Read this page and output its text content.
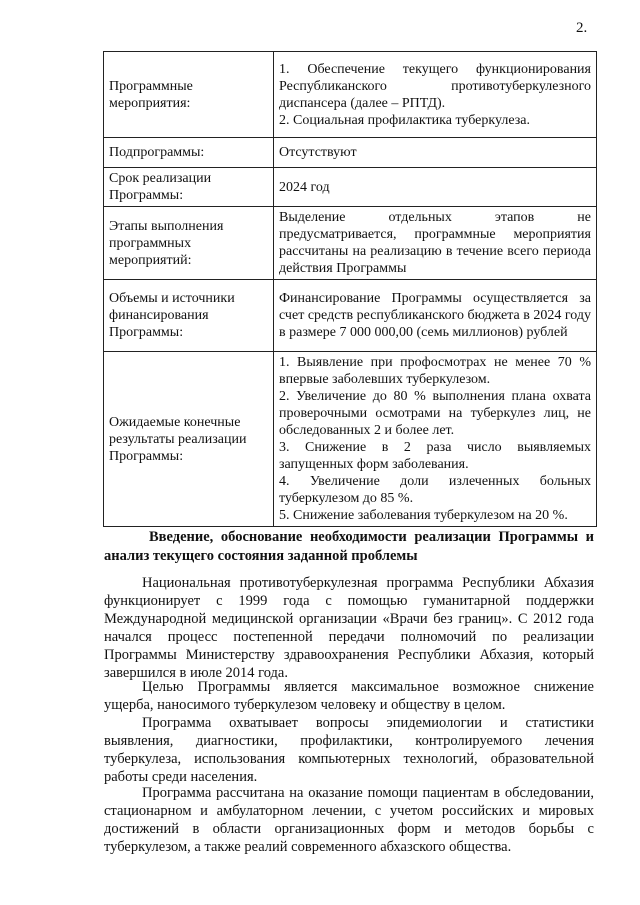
2.
Программные мероприятия:	1. Обеспечение текущего функционирования Республиканского противотуберкулезного диспансера (далее – РПТД).
2. Социальная профилактика туберкулеза.

Подпрограммы:	Отсутствуют
Срок реализации Программы:	2024 год
Этапы выполнения программных мероприятий:	Выделение отдельных этапов не предусматривается, программные мероприятия рассчитаны на реализацию в течение всего периода действия Программы
Объемы и источники финансирования Программы:	Финансирование Программы осуществляется за счет средств республиканского бюджета в 2024 году в размере 7 000 000,00 (семь миллионов) рублей
Ожидаемые конечные результаты реализации Программы:	1. Выявление при профосмотрах не менее 70 % впервые заболевших туберкулезом.
2. Увеличение до 80 % выполнения плана охвата проверочными осмотрами на туберкулез лиц, не обследованных 2 и более лет.
3. Снижение в 2 раза число выявляемых запущенных форм заболевания.
4. Увеличение доли излеченных больных туберкулезом до 85 %.
5. Снижение заболевания туберкулезом на 20 %.
Введение, обоснование необходимости реализации Программы и анализ текущего состояния заданной проблемы
Национальная противотуберкулезная программа Республики Абхазия функционирует с 1999 года с помощью гуманитарной поддержки Международной медицинской организации «Врачи без границ». С 2012 года начался процесс постепенной передачи полномочий по реализации Программы Министерству здравоохранения Республики Абхазия, который завершился в июле 2014 года.
Целью Программы является максимальное возможное снижение ущерба, наносимого туберкулезом человеку и обществу в целом.
Программа охватывает вопросы эпидемиологии и статистики выявления, диагностики, профилактики, контролируемого лечения туберкулеза, использования компьютерных технологий, образовательной работы среди населения.
Программа рассчитана на оказание помощи пациентам в обследовании, стационарном и амбулаторном лечении, с учетом российских и мировых достижений в области организационных форм и методов борьбы с туберкулезом, а также реалий современного абхазского общества.
